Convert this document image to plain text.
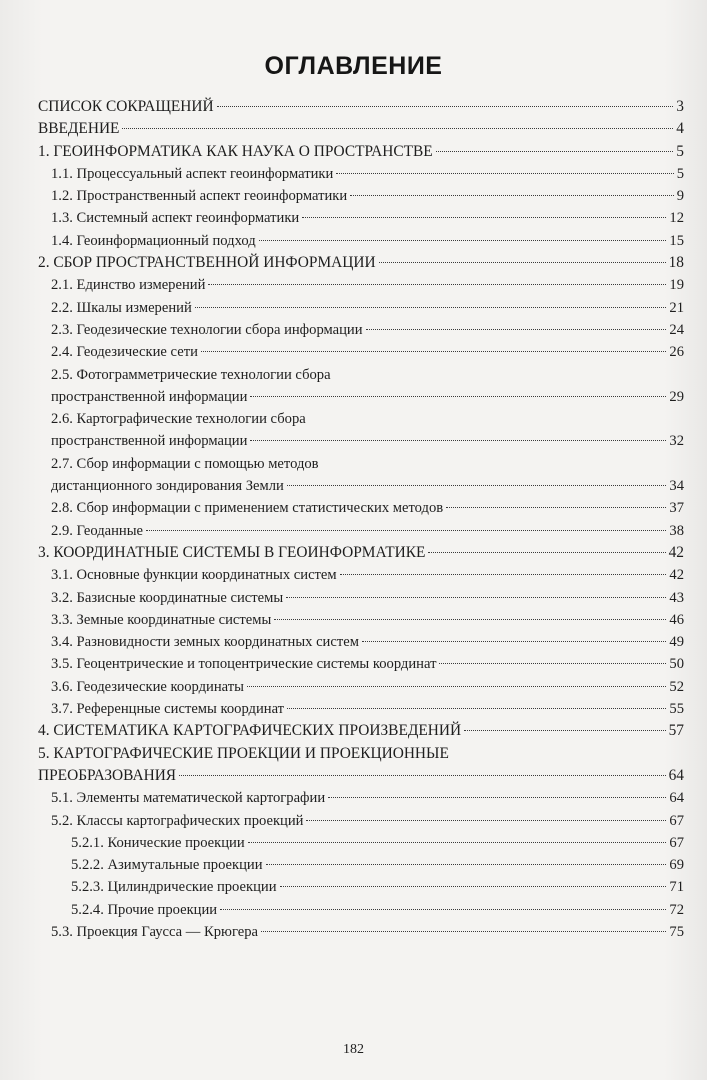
ОГЛАВЛЕНИЕ
СПИСОК СОКРАЩЕНИЙ	3
ВВЕДЕНИЕ	4
1. ГЕОИНФОРМАТИКА КАК НАУКА О ПРОСТРАНСТВЕ	5
1.1. Процессуальный аспект геоинформатики	5
1.2. Пространственный аспект геоинформатики	9
1.3. Системный аспект геоинформатики	12
1.4. Геоинформационный подход	15
2. СБОР ПРОСТРАНСТВЕННОЙ ИНФОРМАЦИИ	18
2.1. Единство измерений	19
2.2. Шкалы измерений	21
2.3. Геодезические технологии сбора информации	24
2.4. Геодезические сети	26
2.5. Фотограмметрические технологии сбора
пространственной информации	29
2.6. Картографические технологии сбора
пространственной информации	32
2.7. Сбор информации с помощью методов
дистанционного зондирования Земли	34
2.8. Сбор информации с применением статистических методов	37
2.9. Геоданные	38
3. КООРДИНАТНЫЕ СИСТЕМЫ В ГЕОИНФОРМАТИКЕ	42
3.1. Основные функции координатных систем	42
3.2. Базисные координатные системы	43
3.3. Земные координатные системы	46
3.4. Разновидности земных координатных систем	49
3.5. Геоцентрические и топоцентрические системы координат	50
3.6. Геодезические координаты	52
3.7. Референцные системы координат	55
4. СИСТЕМАТИКА КАРТОГРАФИЧЕСКИХ ПРОИЗВЕДЕНИЙ	57
5. КАРТОГРАФИЧЕСКИЕ ПРОЕКЦИИ И ПРОЕКЦИОННЫЕ
ПРЕОБРАЗОВАНИЯ	64
5.1. Элементы математической картографии	64
5.2. Классы картографических проекций	67
5.2.1. Конические проекции	67
5.2.2. Азимутальные проекции	69
5.2.3. Цилиндрические проекции	71
5.2.4. Прочие проекции	72
5.3. Проекция Гаусса — Крюгера	75
182
